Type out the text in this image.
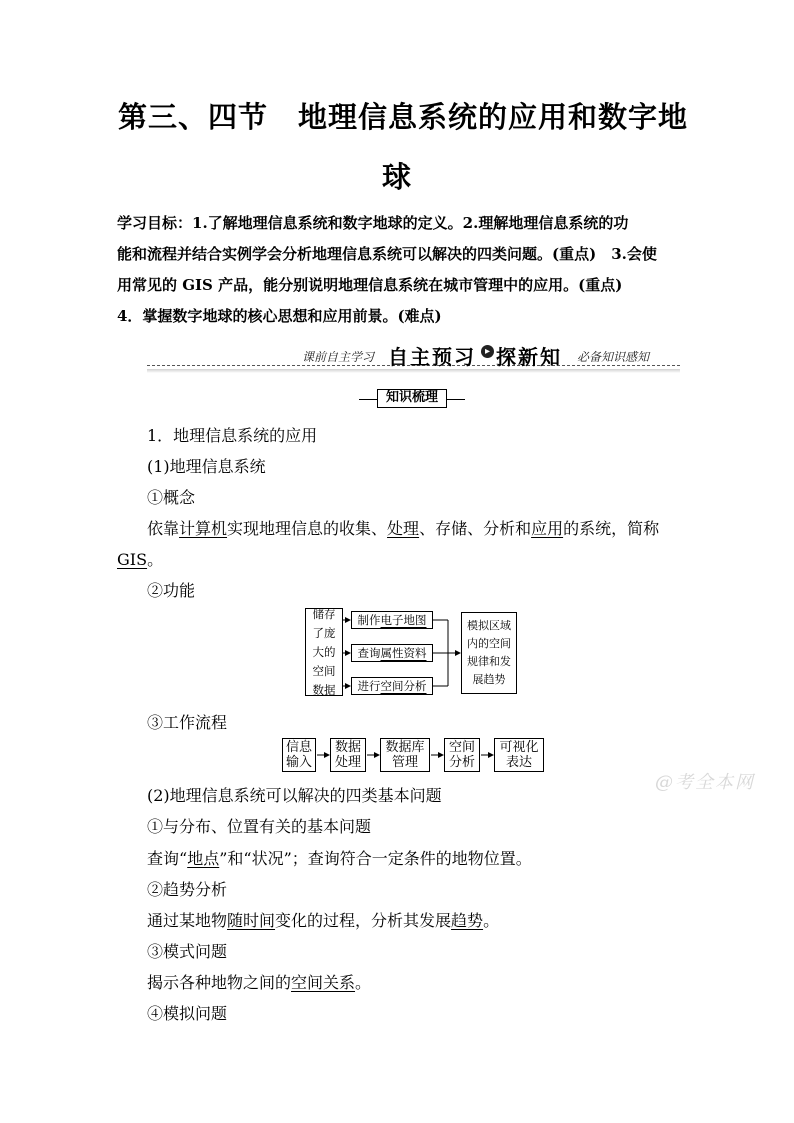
第三、四节　地理信息系统的应用和数字地
球
学习目标：1.了解地理信息系统和数字地球的定义。2.理解地理信息系统的功
能和流程并结合实例学会分析地理信息系统可以解决的四类问题。(重点)　3.会使
用常见的 GIS 产品，能分别说明地理信息系统在城市管理中的应用。(重点)
4．掌握数字地球的核心思想和应用前景。(难点)
课前自主学习 自主预习 ▸ 探新知 必备知识感知
知识梳理
1．地理信息系统的应用
(1)地理信息系统
①概念
依靠计算机实现地理信息的收集、处理、存储、分析和应用的系统，简称
GIS。
②功能
储存
了庞
大的
空间
数据
制作 电子地图
查询 属性资料
进行 空间分析
模拟区域
内的空间
规律和发
展趋势
③工作流程
信息
输入
数据
处理
数据库
管理
空间
分析
可视化
表达
@考全本网
(2)地理信息系统可以解决的四类基本问题
①与分布、位置有关的基本问题
查询“地点”和“状况”；查询符合一定条件的地物位置。
②趋势分析
通过某地物随时间变化的过程，分析其发展趋势。
③模式问题
揭示各种地物之间的空间关系。
④模拟问题
